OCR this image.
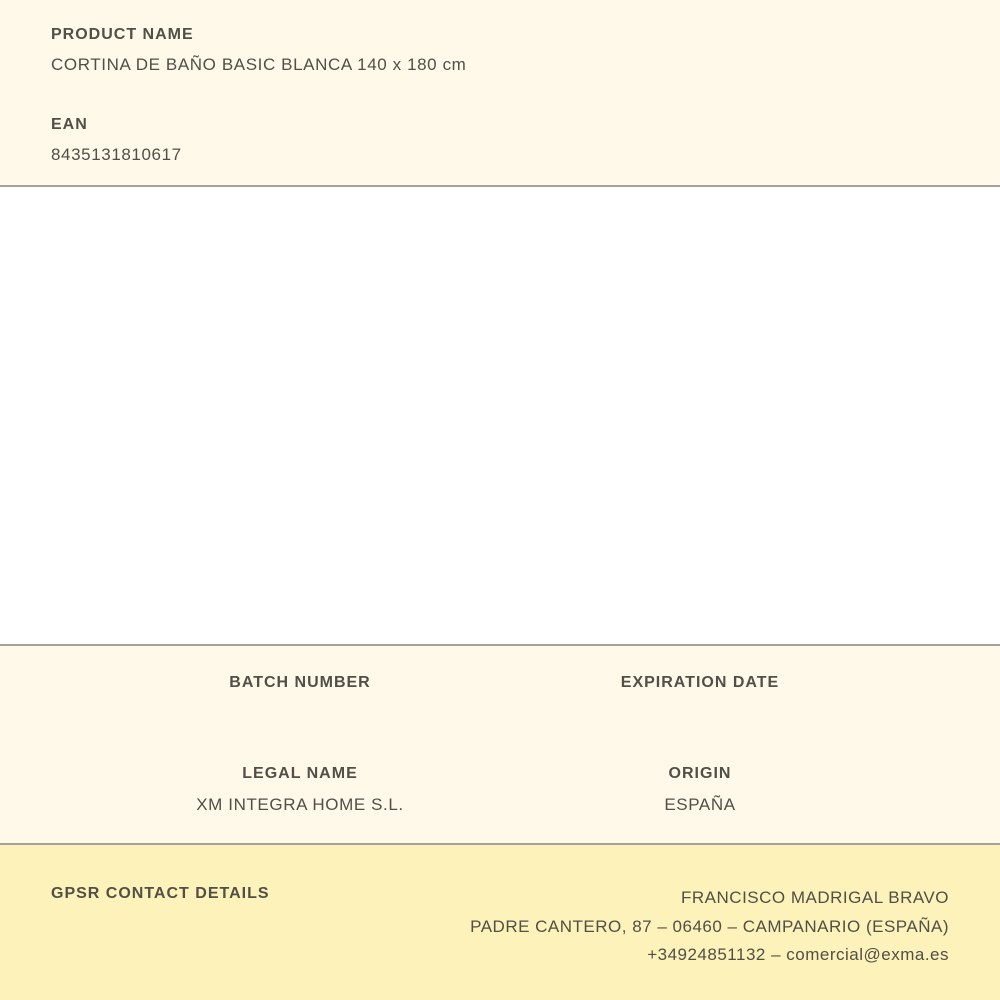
PRODUCT NAME
CORTINA DE BAÑO BASIC BLANCA 140 x 180 cm
EAN
8435131810617
BATCH NUMBER	EXPIRATION DATE
LEGAL NAME
XM INTEGRA HOME S.L.
ORIGIN
ESPAÑA
GPSR CONTACT DETAILS	FRANCISCO MADRIGAL BRAVO
PADRE CANTERO, 87 – 06460 – CAMPANARIO (ESPAÑA)
+34924851132 – comercial@exma.es
